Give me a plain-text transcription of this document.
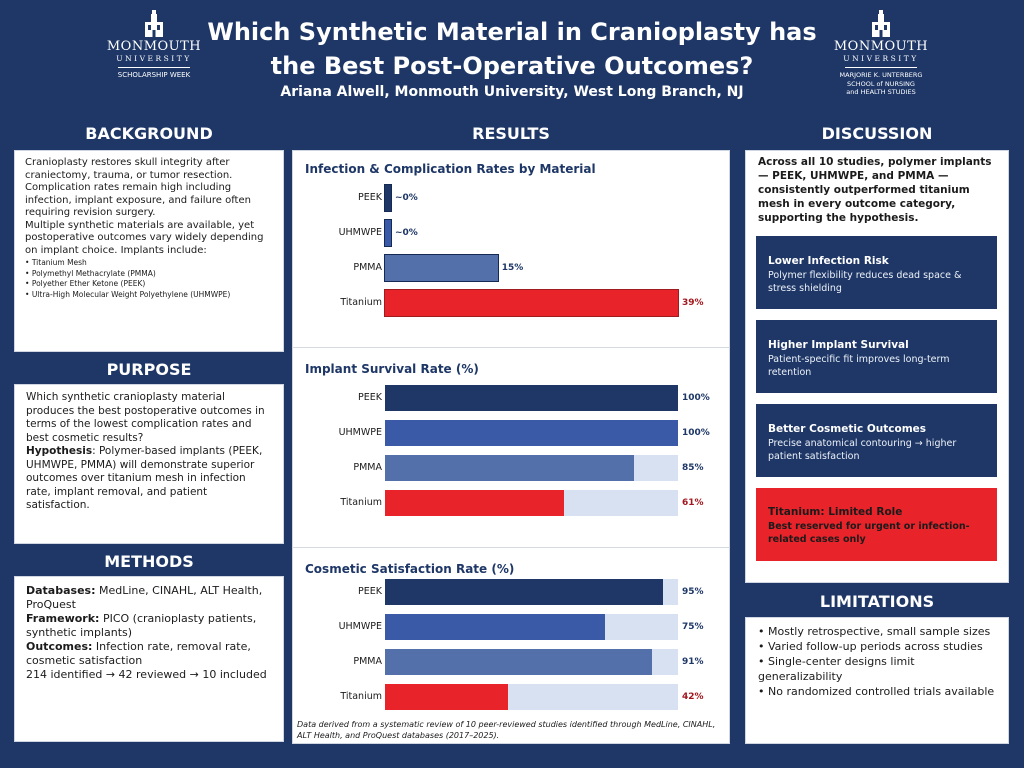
MONMOUTH
UNIVERSITY
SCHOLARSHIP WEEK
Which Synthetic Material in Cranioplasty has the Best Post-Operative Outcomes?
Ariana Alwell, Monmouth University, West Long Branch, NJ
MONMOUTH
UNIVERSITY
MARJORIE K. UNTERBERG
SCHOOL of NURSING
and HEALTH STUDIES
BACKGROUND

Cranioplasty restores skull integrity after craniectomy, trauma, or tumor resection. Complication rates remain high including infection, implant exposure, and failure often requiring revision surgery.

Multiple synthetic materials are available, yet postoperative outcomes vary widely depending on implant choice. Implants include:

• Titanium Mesh
• Polymethyl Methacrylate (PMMA)
• Polyether Ether Ketone (PEEK)
• Ultra-High Molecular Weight Polyethylene (UHMWPE)
PURPOSE

Which synthetic cranioplasty material produces the best postoperative outcomes in terms of the lowest complication rates and best cosmetic results?

Hypothesis: Polymer-based implants (PEEK, UHMWPE, PMMA) will demonstrate superior outcomes over titanium mesh in infection rate, implant removal, and patient satisfaction.

METHODS

Databases: MedLine, CINAHL, ALT Health, ProQuest

Framework: PICO (cranioplasty patients, synthetic implants)

Outcomes: Infection rate, removal rate, cosmetic satisfaction

214 identified → 42 reviewed → 10 included

RESULTS
Infection & Complication Rates by Material
PEEK ~0%
UHMWPE ~0%
PMMA	15%
Titanium	39%
Implant Survival Rate (%)
PEEK	100%
UHMWPE	100%
PMMA	85%
Titanium	61%
Cosmetic Satisfaction Rate (%)
PEEK	95%
UHMWPE	75%
PMMA	91%
Titanium	42%
Data derived from a systematic review of 10 peer-reviewed studies identified through MedLine, CINAHL, ALT Health, and ProQuest databases (2017–2025).
DISCUSSION
Across all 10 studies, polymer implants — PEEK, UHMWPE, and PMMA — consistently outperformed titanium mesh in every outcome category, supporting the hypothesis.
Lower Infection Risk
Polymer flexibility reduces dead space & stress shielding
Higher Implant Survival
Patient-specific fit improves long-term retention
Better Cosmetic Outcomes
Precise anatomical contouring → higher patient satisfaction
Titanium: Limited Role
Best reserved for urgent or infection-related cases only
LIMITATIONS
• Mostly retrospective, small sample sizes
• Varied follow-up periods across studies
• Single-center designs limit generalizability
• No randomized controlled trials available
